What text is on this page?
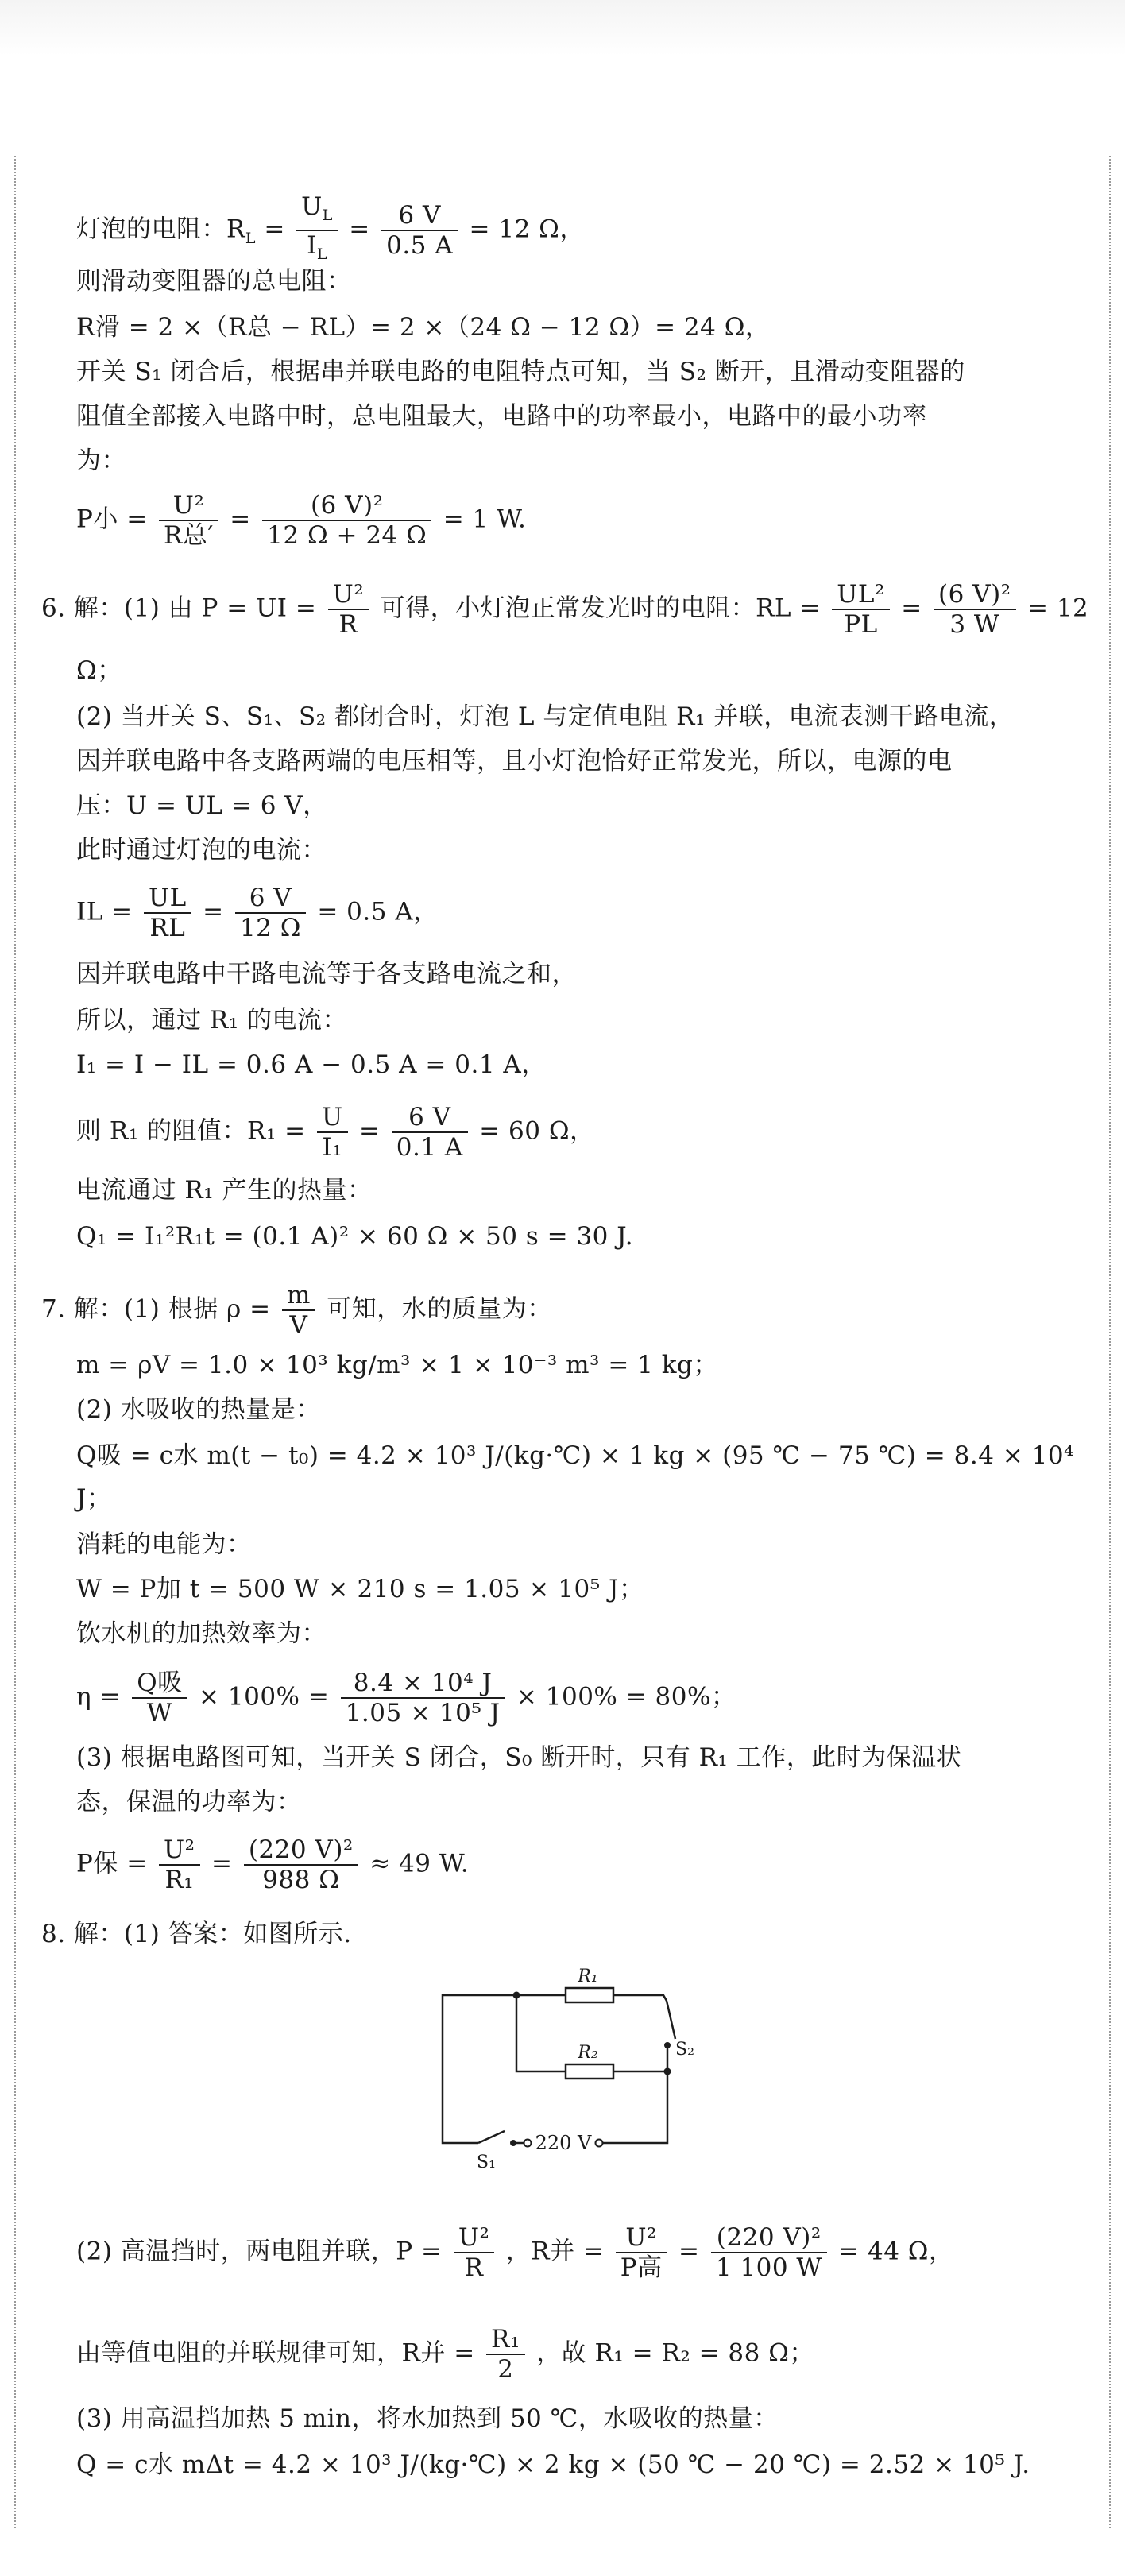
灯泡的电阻：$R_L = \frac{U_L}{I_L} = \frac{6 V}{0.5 A} = 12$ Ω，
则滑动变阻器的总电阻：
R滑 = 2 ×（R总 − RL）= 2 ×（24 Ω − 12 Ω）= 24 Ω，
开关 S₁ 闭合后，根据串并联电路的电阻特点可知，当 S₂ 断开，且滑动变阻器的
阻值全部接入电路中时，总电阻最大，电路中的功率最小，电路中的最小功率
为：
P小 = $\frac{\text{U²}}{\text{R总′}} = \frac{\text{(6 V)²}}{12 \Omega + 24 \Omega} = 1$ W.
6. 解：(1) 由 P = UI = $\frac{\text{U²}}{R}$ 可得，小灯泡正常发光时的电阻：RL = $\frac{\text{UL²}}{PL} = \frac{\text{(6 V)²}}{3 W} = 12$
Ω；
(2) 当开关 S、S₁、S₂ 都闭合时，灯泡 L 与定值电阻 R₁ 并联，电流表测干路电流，
因并联电路中各支路两端的电压相等，且小灯泡恰好正常发光，所以，电源的电
压：U = UL = 6 V，
此时通过灯泡的电流：
IL = $\frac{UL}{RL} = \frac{6 V}{12 \Omega} = 0.5$ A，
因并联电路中干路电流等于各支路电流之和，
所以，通过 R₁ 的电流：
I₁ = I − IL = 0.6 A − 0.5 A = 0.1 A，
则 R₁ 的阻值：$R_1 = \frac{U}{\text{I₁}} = \frac{6 V}{0.1 A} = 60$ Ω，
电流通过 R₁ 产生的热量：
Q₁ = I₁²R₁t = (0.1 A)² × 60 Ω × 50 s = 30 J.
7. 解：(1) 根据 $\rho = \frac{m}{V}$ 可知，水的质量为：
m = ρV = 1.0 × 10³ kg/m³ × 1 × 10⁻³ m³ = 1 kg；
(2) 水吸收的热量是：
Q吸 = c水 m(t − t₀) = 4.2 × 10³ J/(kg·℃) × 1 kg × (95 ℃ − 75 ℃) = 8.4 × 10⁴
J；
消耗的电能为：
W = P加 t = 500 W × 210 s = 1.05 × 10⁵ J；
饮水机的加热效率为：
$\eta = \frac{\text{Q吸}}{W} \times 100\% = \frac{\text{8.4 × 10⁴ J}}{\text{1.05 × 10⁵ J}} \times 100\% = 80\%$；
(3) 根据电路图可知，当开关 S 闭合，S₀ 断开时，只有 R₁ 工作，此时为保温状
态，保温的功率为：
P保 = $\frac{\text{U²}}{\text{R₁}} = \frac{\text{(220 V)²}}{988 \Omega} \approx 49$ W.
8. 解：(1) 答案：如图所示.
R₁
R₂	S₂
S₁
220 V
(2) 高温挡时，两电阻并联，$P = \frac{\text{U²}}{R}$ ，R并 = $\frac{\text{U²}}{\text{P高}} = \frac{\text{(220 V)²}}{1 100 W} = 44$ Ω，
由等值电阻的并联规律可知，R并 = $\frac{\text{R₁}}{2}$ ，故 R₁ = R₂ = 88 Ω；
(3) 用高温挡加热 5 min，将水加热到 50 ℃，水吸收的热量：
Q = c水 mΔt = 4.2 × 10³ J/(kg·℃) × 2 kg × (50 ℃ − 20 ℃) = 2.52 × 10⁵ J.
